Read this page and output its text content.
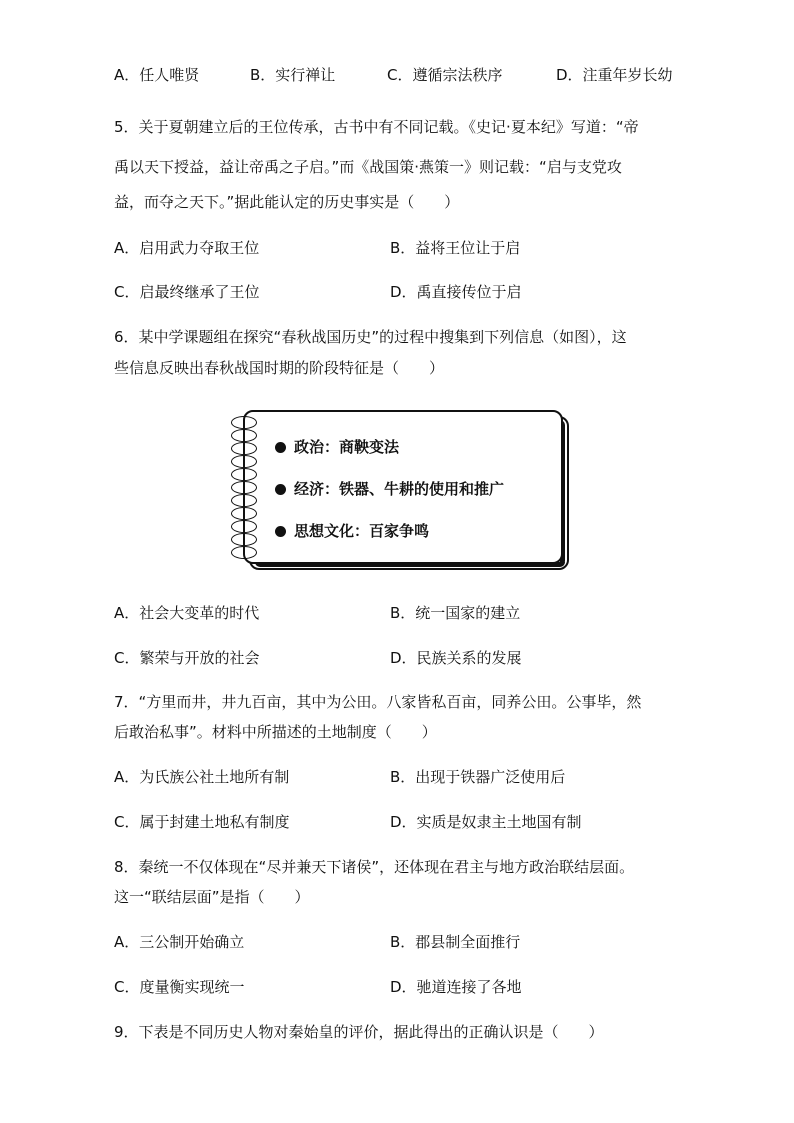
A．任人唯贤	B．实行禅让	C．遵循宗法秩序	D．注重年岁长幼
5．关于夏朝建立后的王位传承，古书中有不同记载。《史记·夏本纪》写道：“帝
禹以天下授益，益让帝禹之子启。”而《战国策·燕策一》则记载：“启与支党攻
益，而夺之天下。”据此能认定的历史事实是（　　）
A．启用武力夺取王位	B．益将王位让于启
C．启最终继承了王位	D．禹直接传位于启
6．某中学课题组在探究“春秋战国历史”的过程中搜集到下列信息（如图），这
些信息反映出春秋战国时期的阶段特征是（　　）
政治：商鞅变法
经济：铁器、牛耕的使用和推广
思想文化：百家争鸣
A．社会大变革的时代	B．统一国家的建立
C．繁荣与开放的社会	D．民族关系的发展
7．“方里而井，井九百亩，其中为公田。八家皆私百亩，同养公田。公事毕，然
后敢治私事”。材料中所描述的土地制度（　　）
A．为氏族公社土地所有制	B．出现于铁器广泛使用后
C．属于封建土地私有制度	D．实质是奴隶主土地国有制
8．秦统一不仅体现在“尽并兼天下诸侯”，还体现在君主与地方政治联结层面。
这一“联结层面”是指（　　）
A．三公制开始确立	B．郡县制全面推行
C．度量衡实现统一	D．驰道连接了各地
9．下表是不同历史人物对秦始皇的评价，据此得出的正确认识是（　　）
